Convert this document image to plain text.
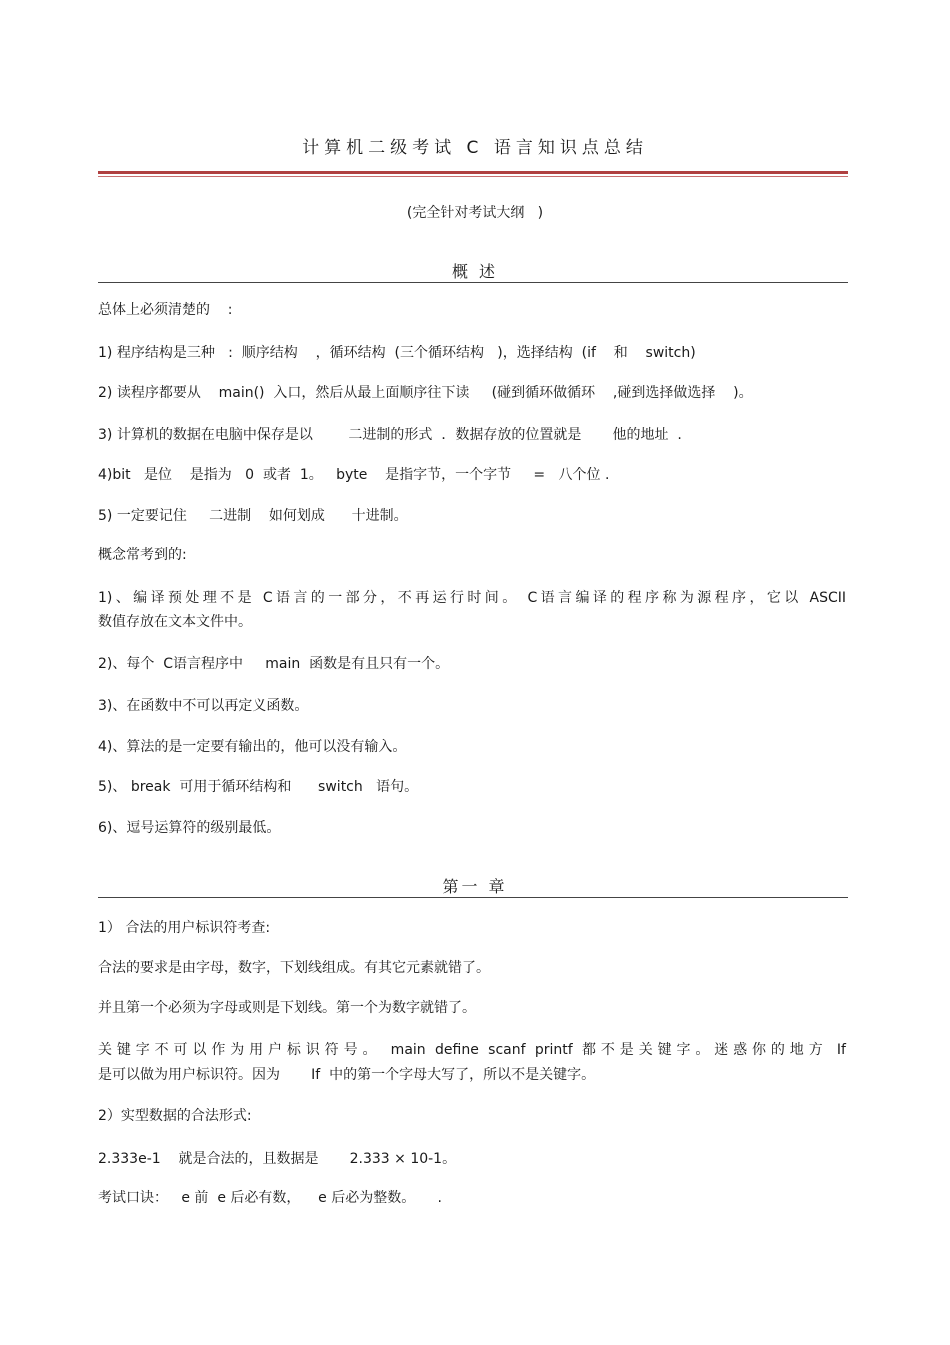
计算机二级考试 C 语言知识点总结
(完全针对考试大纲   )
概 述
总体上必须清楚的    :
1) 程序结构是三种   :  顺序结构    ，循环结构  (三个循环结构   )，选择结构  (if    和    switch)
2) 读程序都要从    main()  入口，然后从最上面顺序往下读     (碰到循环做循环    ,碰到选择做选择    )。
3) 计算机的数据在电脑中保存是以        二进制的形式  ．数据存放的位置就是       他的地址  .
4)bit   是位    是指为   0  或者  1。   byte    是指字节，一个字节     =   八个位 .
5) 一定要记住     二进制    如何划成      十进制。
概念常考到的:
1)、编译预处理不是 C语言的一部分，不再运行时间。 C语言编译的程序称为源程序，它以 ASCII
数值存放在文本文件中。
2)、每个  C语言程序中     main  函数是有且只有一个。
3)、在函数中不可以再定义函数。
4)、算法的是一定要有输出的，他可以没有输入。
5)、 break  可用于循环结构和      switch   语句。
6)、逗号运算符的级别最低。
第一 章
1） 合法的用户标识符考查:
合法的要求是由字母，数字，下划线组成。有其它元素就错了。
并且第一个必须为字母或则是下划线。第一个为数字就错了。
关键字不可以作为用户标识符号。 main define scanf printf 都不是关键字。迷惑你的地方 If
是可以做为用户标识符。因为       If  中的第一个字母大写了，所以不是关键字。
2）实型数据的合法形式:
2.333e-1    就是合法的，且数据是       2.333 × 10-1。
考试口诀：   e 前  e 后必有数，    e 后必为整数。     .
